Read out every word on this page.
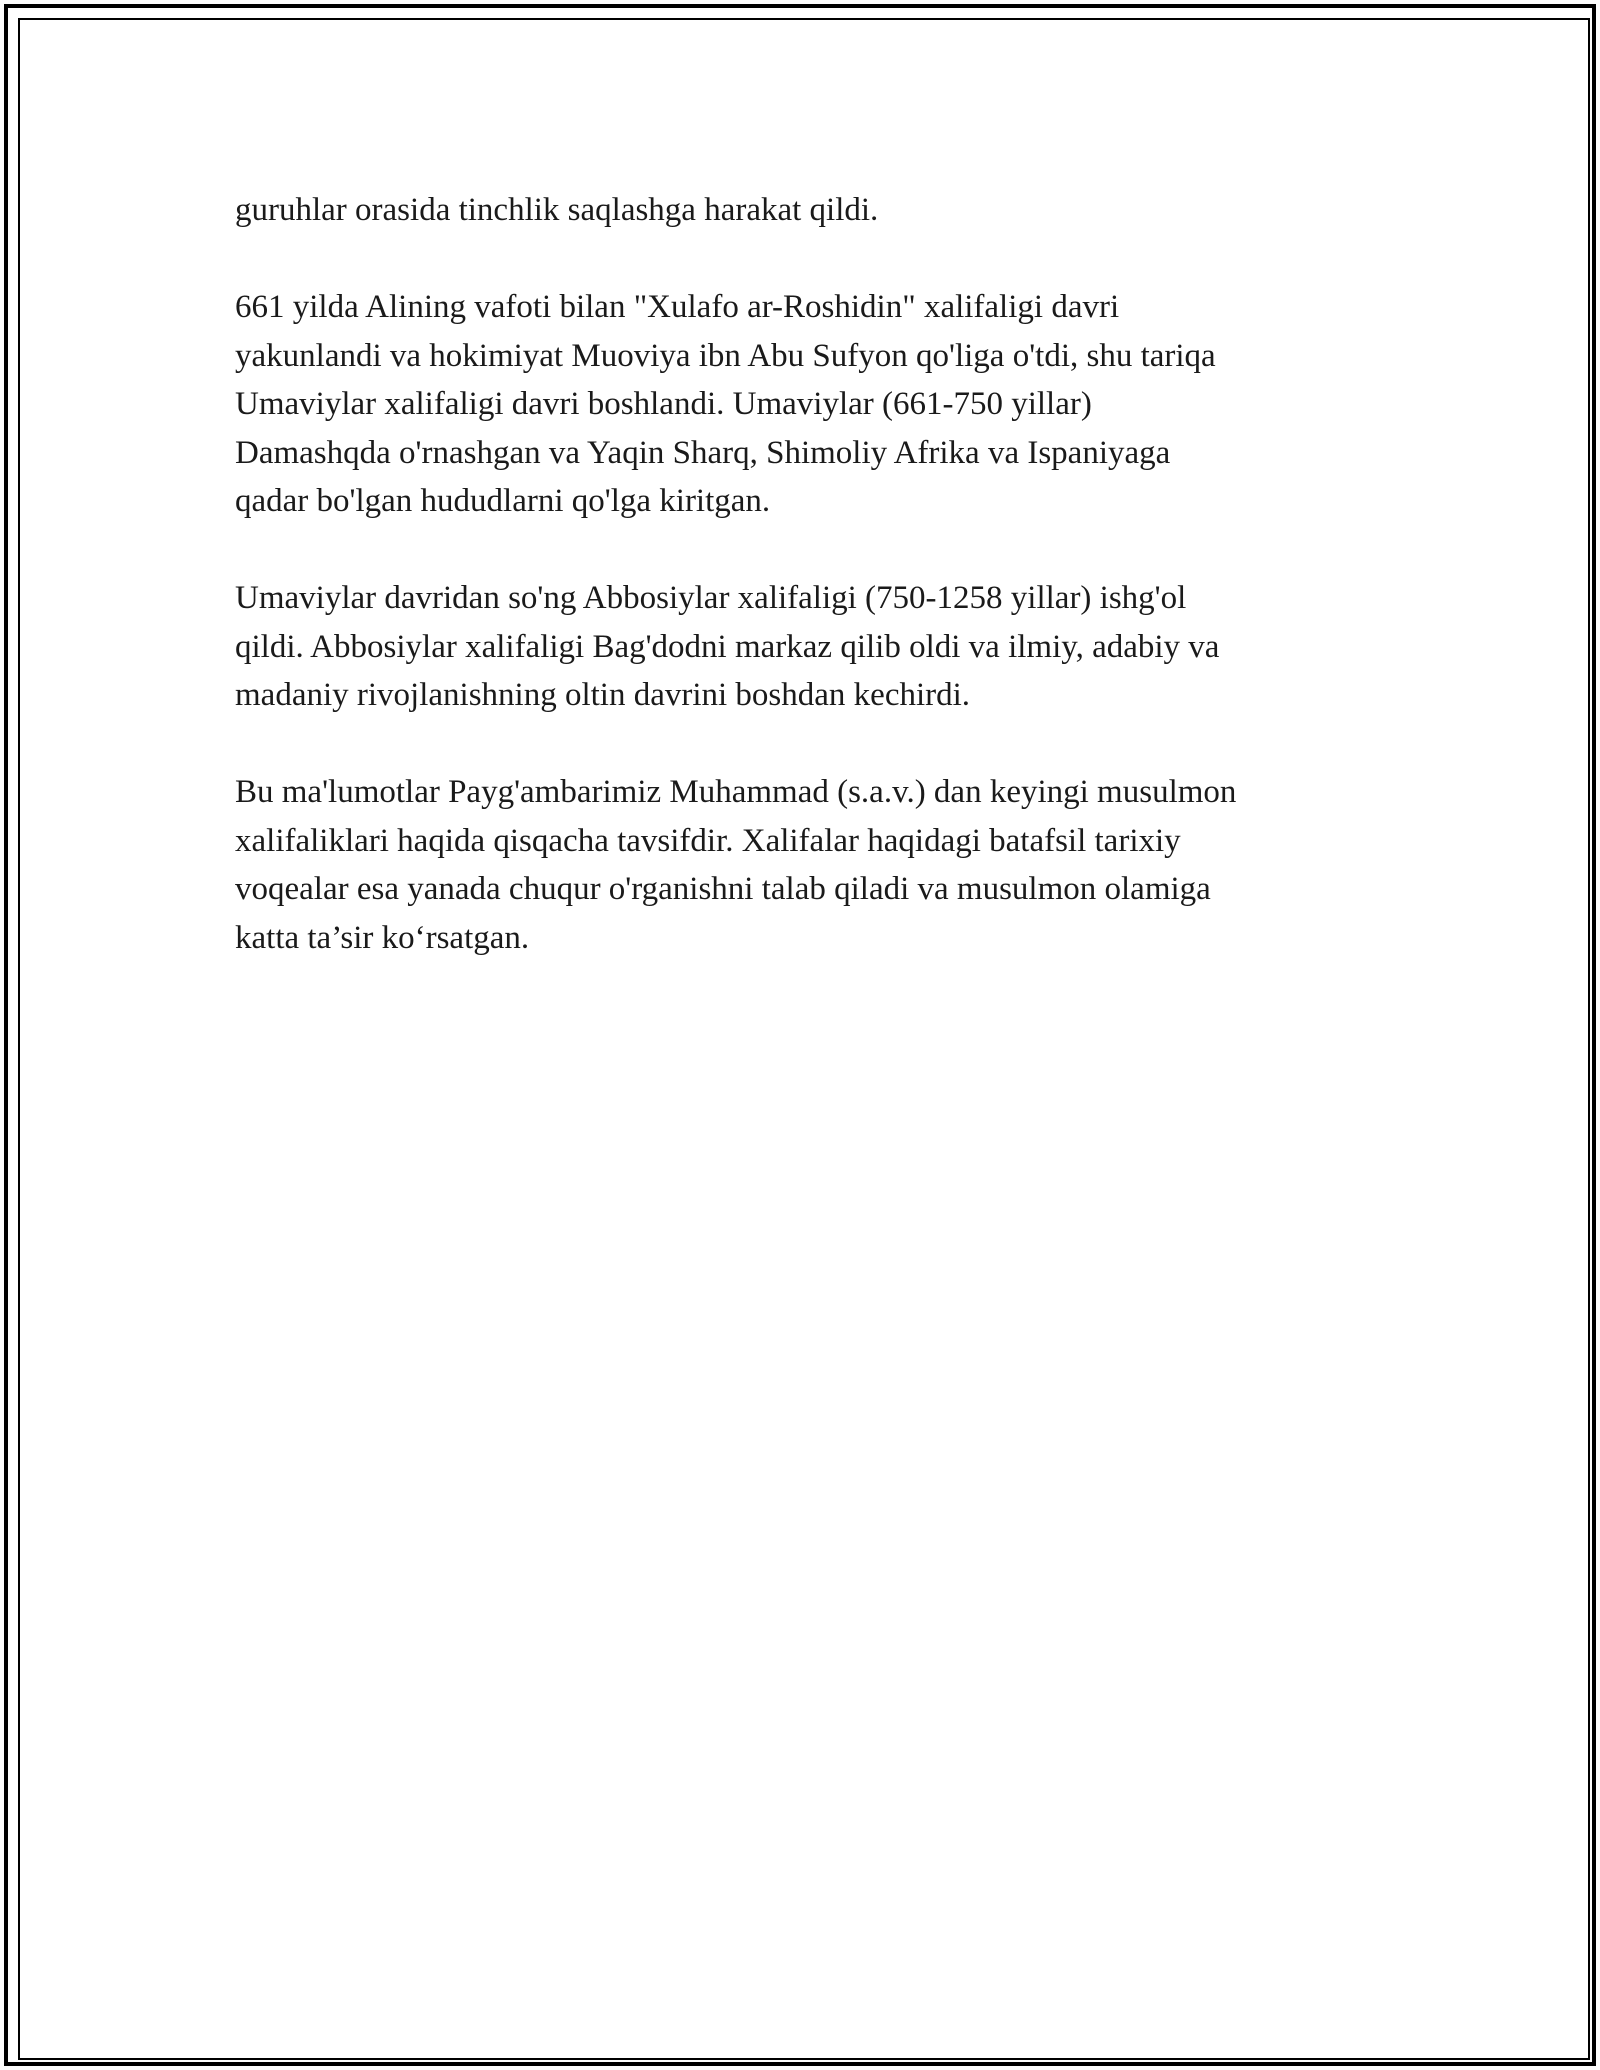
guruhlar orasida tinchlik saqlashga harakat qildi.

661 yilda Alining vafoti bilan "Xulafo ar-Roshidin" xalifaligi davri
yakunlandi va hokimiyat Muoviya ibn Abu Sufyon qo'liga o'tdi, shu tariqa
Umaviylar xalifaligi davri boshlandi. Umaviylar (661-750 yillar)
Damashqda o'rnashgan va Yaqin Sharq, Shimoliy Afrika va Ispaniyaga
qadar bo'lgan hududlarni qo'lga kiritgan.

Umaviylar davridan so'ng Abbosiylar xalifaligi (750-1258 yillar) ishg'ol
qildi. Abbosiylar xalifaligi Bag'dodni markaz qilib oldi va ilmiy, adabiy va
madaniy rivojlanishning oltin davrini boshdan kechirdi.

Bu ma'lumotlar Payg'ambarimiz Muhammad (s.a.v.) dan keyingi musulmon
xalifaliklari haqida qisqacha tavsifdir. Xalifalar haqidagi batafsil tarixiy
voqealar esa yanada chuqur o'rganishni talab qiladi va musulmon olamiga
katta ta’sir ko‘rsatgan.
